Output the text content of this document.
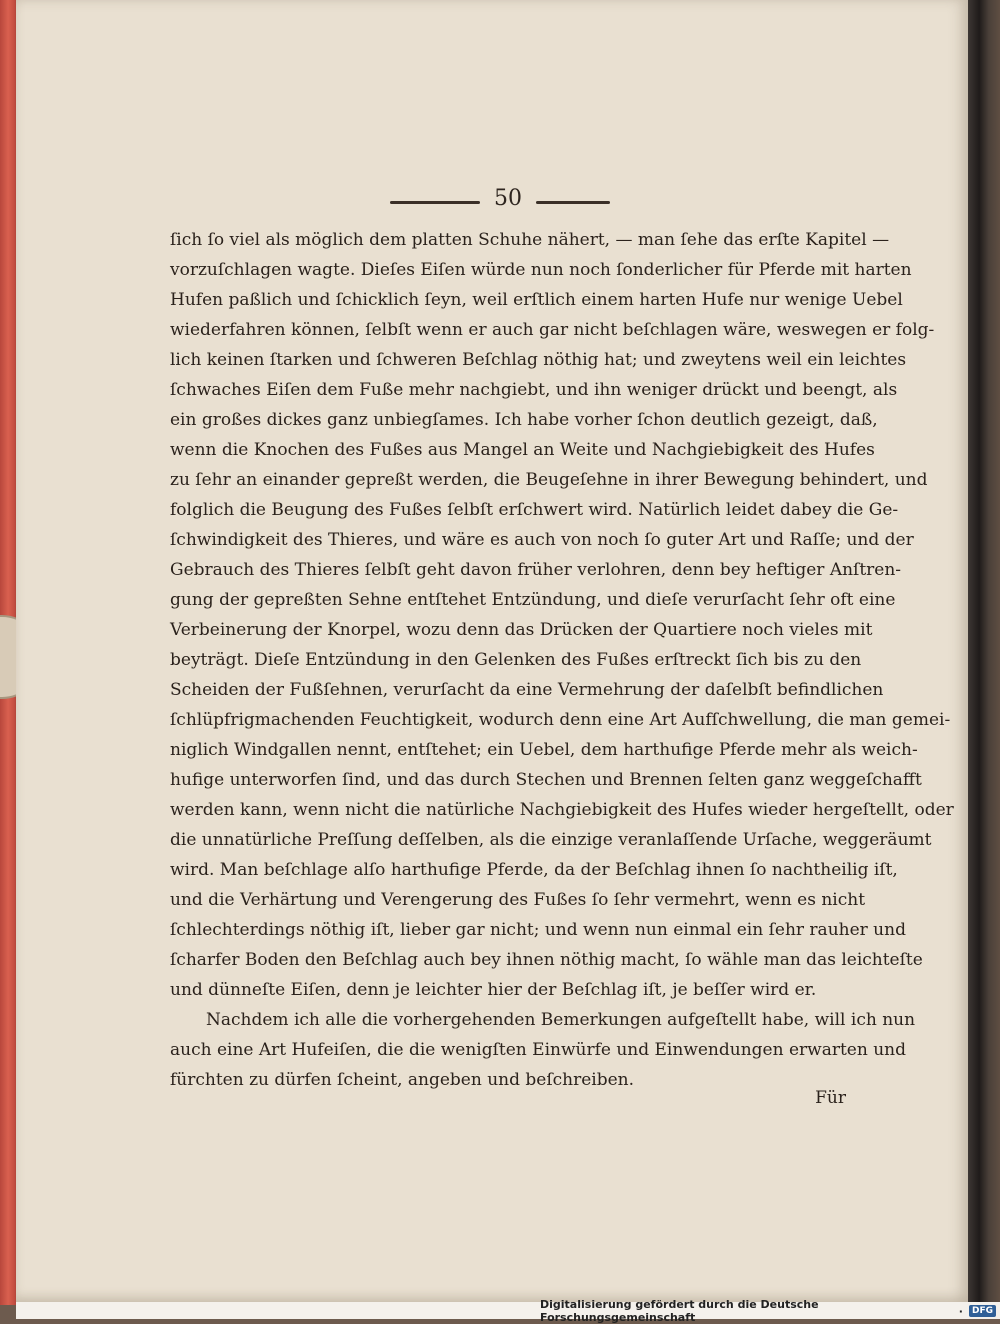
50
ſich ſo viel als möglich dem platten Schuhe nähert, — man ſehe das erſte Kapitel —
vorzuſchlagen wagte. Dieſes Eiſen würde nun noch ſonderlicher für Pferde mit harten
Hufen paßlich und ſchicklich ſeyn, weil erſtlich einem harten Hufe nur wenige Uebel
wiederfahren können, ſelbſt wenn er auch gar nicht beſchlagen wäre, weswegen er folg-
lich keinen ſtarken und ſchweren Beſchlag nöthig hat; und zweytens weil ein leichtes
ſchwaches Eiſen dem Fuße mehr nachgiebt, und ihn weniger drückt und beengt, als
ein großes dickes ganz unbiegſames. Ich habe vorher ſchon deutlich gezeigt, daß,
wenn die Knochen des Fußes aus Mangel an Weite und Nachgiebigkeit des Hufes
zu ſehr an einander gepreßt werden, die Beugeſehne in ihrer Bewegung behindert, und
folglich die Beugung des Fußes ſelbſt erſchwert wird. Natürlich leidet dabey die Ge-
ſchwindigkeit des Thieres, und wäre es auch von noch ſo guter Art und Raſſe; und der
Gebrauch des Thieres ſelbſt geht davon früher verlohren, denn bey heftiger Anſtren-
gung der gepreßten Sehne entſtehet Entzündung, und dieſe verurſacht ſehr oft eine
Verbeinerung der Knorpel, wozu denn das Drücken der Quartiere noch vieles mit
beyträgt. Dieſe Entzündung in den Gelenken des Fußes erſtreckt ſich bis zu den
Scheiden der Fußſehnen, verurſacht da eine Vermehrung der daſelbſt befindlichen
ſchlüpfrigmachenden Feuchtigkeit, wodurch denn eine Art Aufſchwellung, die man gemei-
niglich Windgallen nennt, entſtehet; ein Uebel, dem harthufige Pferde mehr als weich-
hufige unterworfen ſind, und das durch Stechen und Brennen ſelten ganz weggeſchafft
werden kann, wenn nicht die natürliche Nachgiebigkeit des Hufes wieder hergeſtellt, oder
die unnatürliche Preſſung deſſelben, als die einzige veranlaſſende Urſache, weggeräumt
wird. Man beſchlage alſo harthufige Pferde, da der Beſchlag ihnen ſo nachtheilig iſt,
und die Verhärtung und Verengerung des Fußes ſo ſehr vermehrt, wenn es nicht
ſchlechterdings nöthig iſt, lieber gar nicht; und wenn nun einmal ein ſehr rauher und
ſcharfer Boden den Beſchlag auch bey ihnen nöthig macht, ſo wähle man das leichteſte
und dünneſte Eiſen, denn je leichter hier der Beſchlag iſt, je beſſer wird er.
Nachdem ich alle die vorhergehenden Bemerkungen aufgeſtellt habe, will ich nun
auch eine Art Hufeiſen, die die wenigſten Einwürfe und Einwendungen erwarten und
fürchten zu dürfen ſcheint, angeben und beſchreiben.
Für
Digitalisierung gefördert durch die Deutsche Forschungsgemeinschaft	·	DFG
